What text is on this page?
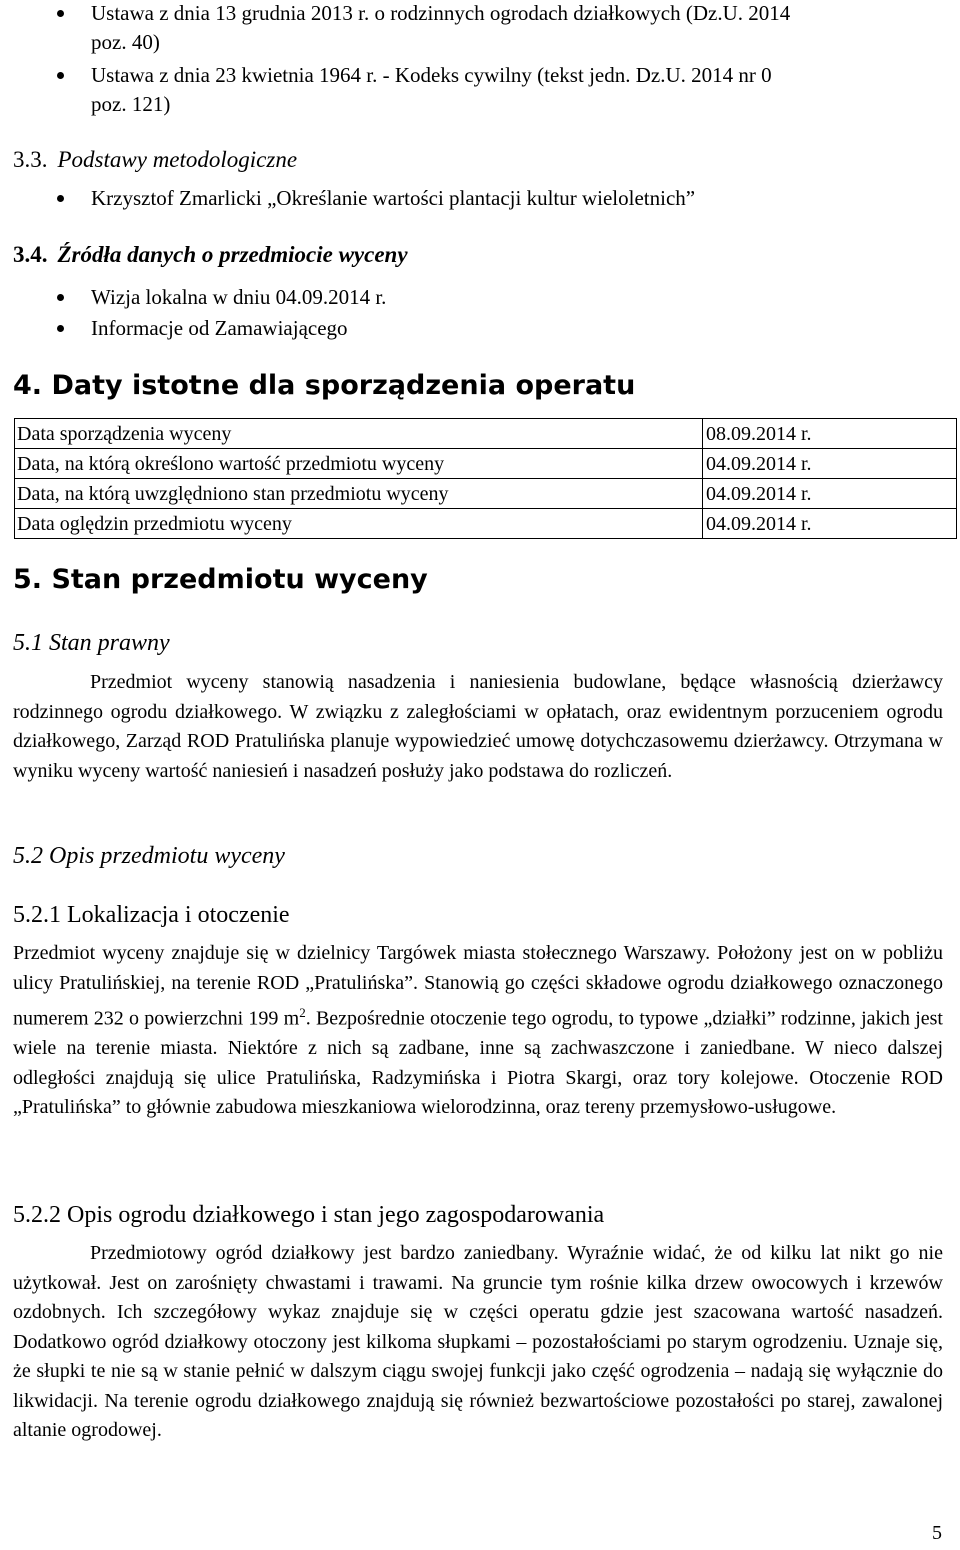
Ustawa z dnia 13 grudnia 2013 r. o rodzinnych ogrodach działkowych (Dz.U. 2014
poz. 40)
Ustawa z dnia 23 kwietnia 1964 r. - Kodeks cywilny (tekst jedn. Dz.U. 2014 nr 0
poz. 121)
3.3. Podstawy metodologiczne
Krzysztof Zmarlicki „Określanie wartości plantacji kultur wieloletnich”
3.4. Źródła danych o przedmiocie wyceny
Wizja lokalna w dniu 04.09.2014 r.
Informacje od Zamawiającego
4. Daty istotne dla sporządzenia operatu
Data sporządzenia wyceny	08.09.2014 r.
Data, na którą określono wartość przedmiotu wyceny	04.09.2014 r.
Data, na którą uwzględniono stan przedmiotu wyceny	04.09.2014 r.
Data oględzin przedmiotu wyceny	04.09.2014 r.
5. Stan przedmiotu wyceny
5.1 Stan prawny
Przedmiot wyceny stanowią nasadzenia i naniesienia budowlane, będące własnością dzierżawcy rodzinnego ogrodu działkowego. W związku z zaległościami w opłatach, oraz ewidentnym porzuceniem ogrodu działkowego, Zarząd ROD Pratulińska planuje wypowiedzieć umowę dotychczasowemu dzierżawcy. Otrzymana w wyniku wyceny wartość naniesień i nasadzeń posłuży jako podstawa do rozliczeń.
5.2 Opis przedmiotu wyceny
5.2.1 Lokalizacja i otoczenie
Przedmiot wyceny znajduje się w dzielnicy Targówek miasta stołecznego Warszawy. Położony jest on w pobliżu ulicy Pratulińskiej, na terenie ROD „Pratulińska”. Stanowią go części składowe ogrodu działkowego oznaczonego numerem 232 o powierzchni 199 $m^2$. Bezpośrednie otoczenie tego ogrodu, to typowe „działki” rodzinne, jakich jest wiele na terenie miasta. Niektóre z nich są zadbane, inne są zachwaszczone i zaniedbane. W nieco dalszej odległości znajdują się ulice Pratulińska, Radzymińska i Piotra Skargi, oraz tory kolejowe. Otoczenie ROD „Pratulińska” to głównie zabudowa mieszkaniowa wielorodzinna, oraz tereny przemysłowo-usługowe.
5.2.2 Opis ogrodu działkowego i stan jego zagospodarowania
Przedmiotowy ogród działkowy jest bardzo zaniedbany. Wyraźnie widać, że od kilku lat nikt go nie użytkował. Jest on zarośnięty chwastami i trawami. Na gruncie tym rośnie kilka drzew owocowych i krzewów ozdobnych. Ich szczegółowy wykaz znajduje się w części operatu gdzie jest szacowana wartość nasadzeń. Dodatkowo ogród działkowy otoczony jest kilkoma słupkami – pozostałościami po starym ogrodzeniu. Uznaje się, że słupki te nie są w stanie pełnić w dalszym ciągu swojej funkcji jako część ogrodzenia – nadają się wyłącznie do likwidacji. Na terenie ogrodu działkowego znajdują się również bezwartościowe pozostałości po starej, zawalonej altanie ogrodowej.
5
